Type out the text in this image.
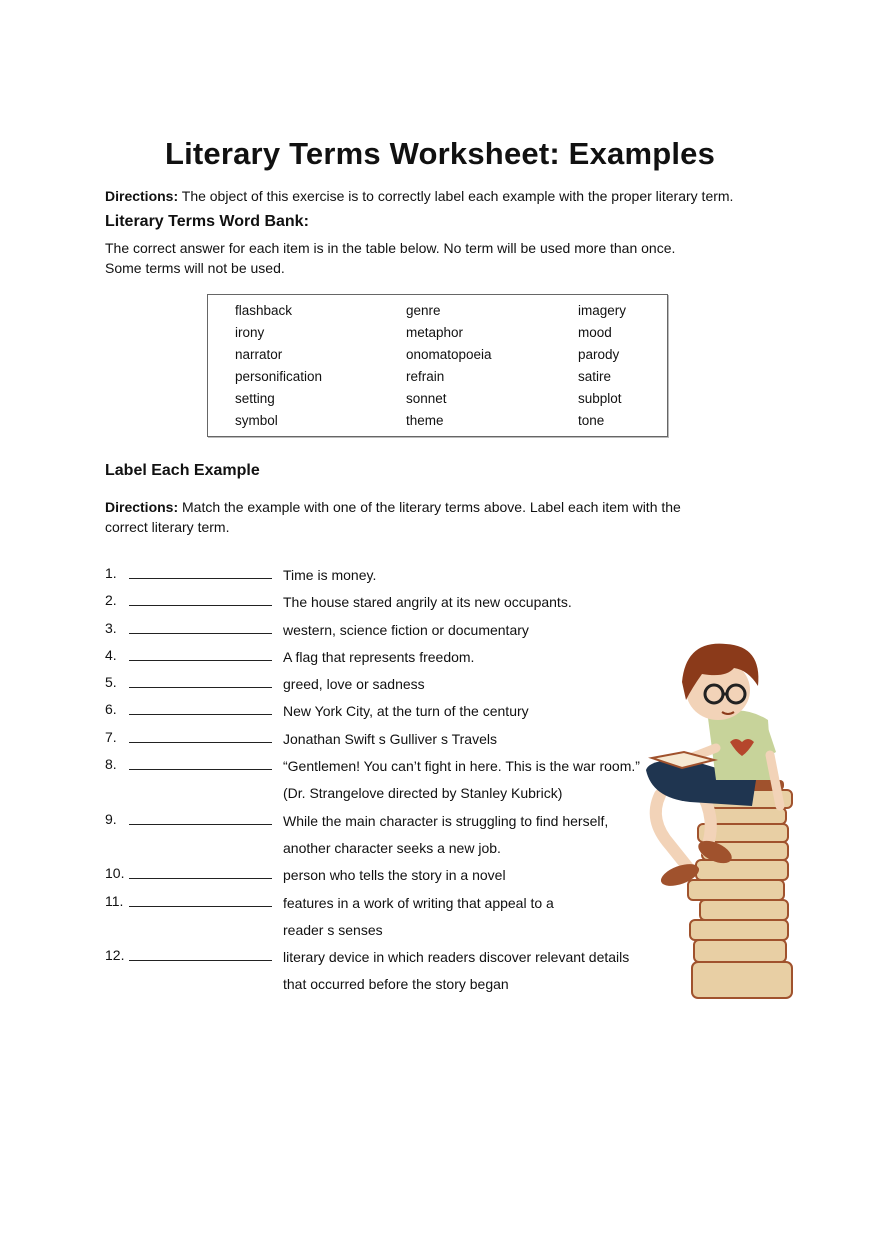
Literary Terms Worksheet: Examples
Directions: The object of this exercise is to correctly label each example with the proper literary term.
Literary Terms Word Bank:
The correct answer for each item is in the table below. No term will be used more than once.
Some terms will not be used.
flashback	genre	imagery
irony	metaphor	mood
narrator	onomatopoeia	parody
personification	refrain	satire
setting	sonnet	subplot
symbol	theme	tone
Label Each Example
Directions: Match the example with one of the literary terms above. Label each item with the correct literary term.
1.	Time is money.
2.	The house stared angrily at its new occupants.
3.	western, science fiction or documentary
4.	A flag that represents freedom.
5.	greed, love or sadness
6.	New York City, at the turn of the century
7.	Jonathan Swift s Gulliver s Travels
8.	“Gentlemen! You can’t fight in here. This is the war room.”
(Dr. Strangelove directed by Stanley Kubrick)
9.	While the main character is struggling to find herself,
another character seeks a new job.
10.	person who tells the story in a novel
11.	features in a work of writing that appeal to a
reader s senses
12.	literary device in which readers discover relevant details
that occurred before the story began
